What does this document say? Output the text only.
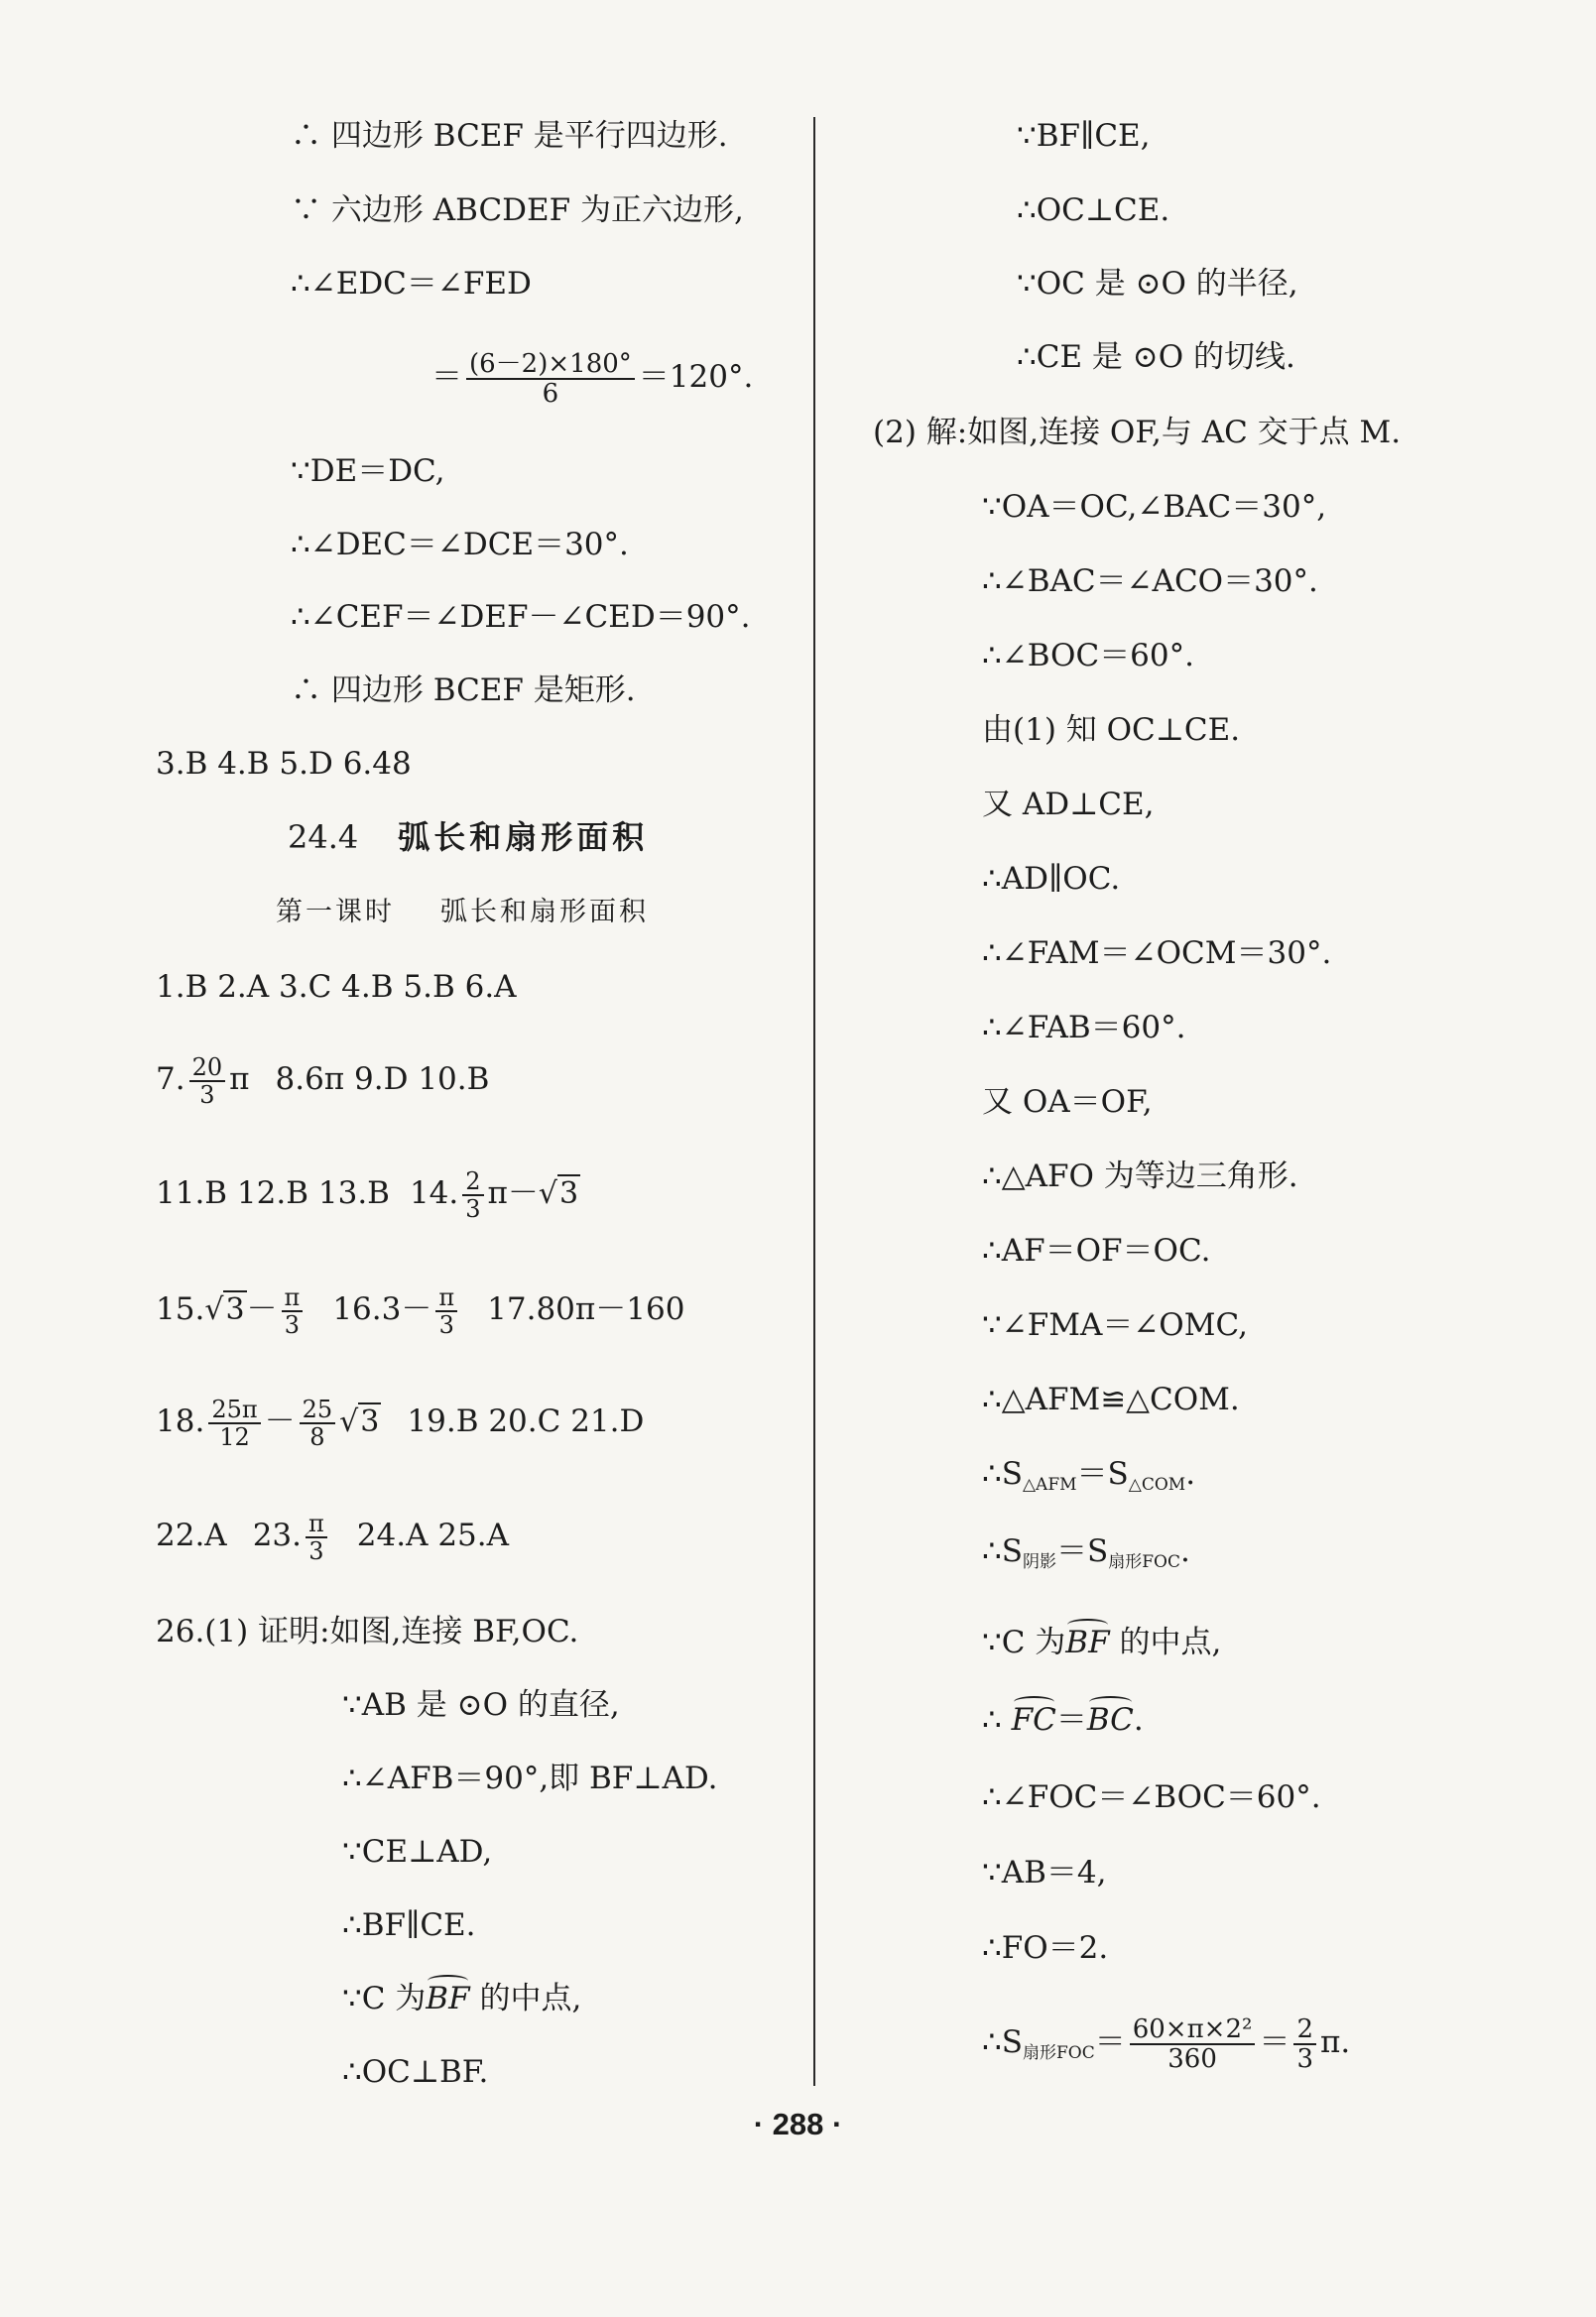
∴ 四边形 BCEF 是平行四边形.
∵ 六边形 ABCDEF 为正六边形,
∴∠EDC＝∠FED
＝ $\frac{(6-2)\times 180^\circ}{6} =120^\circ$.
∵DE＝DC,
∴∠DEC＝∠DCE＝30°.
∴∠CEF＝∠DEF－∠CED＝90°.
∴ 四边形 BCEF 是矩形.
3.B 4.B 5.D 6.48
24.4 弧长和扇形面积
第一课时 弧长和扇形面积
1.B 2.A 3.C 4.B 5.B 6.A
7. $\frac{20}{3}$ π 8.6π 9.D 10.B
11.B 12.B 13.B 14. $\frac{2}{3} \pi-√3$
$15.√3- \frac{\pi}{3} 16.3- \frac{\pi}{3} 17.80\pi-160$
18. $\frac{25\pi}{12} - \frac{25}{8} √3$ 19.B 20.C 21.D
22.A 23. $\frac{\pi}{3} 24.A$ 25.A
26.(1) 证明:如图,连接 BF,OC.
∵AB 是 ⊙O 的直径,
∴∠AFB＝90°,即 BF⊥AD.
∵CE⊥AD,
∴BF∥CE.
∵C 为BF 的中点,
∴OC⊥BF.
∵BF∥CE,
∴OC⊥CE.
∵OC 是 ⊙O 的半径,
∴CE 是 ⊙O 的切线.
(2) 解:如图,连接 OF,与 AC 交于点 M.
∵OA＝OC,∠BAC＝30°,
∴∠BAC＝∠ACO＝30°.
∴∠BOC＝60°.
由(1) 知 OC⊥CE.
又 AD⊥CE,
∴AD∥OC.
∴∠FAM＝∠OCM＝30°.
∴∠FAB＝60°.
又 OA＝OF,
∴△AFO 为等边三角形.
∴AF＝OF＝OC.
∵∠FMA＝∠OMC,
∴△AFM≌△COM.
$\therefore S_{\triangle AFM}=S_{\triangle COM}$.
$\therefore S_{阴影}=S_{扇形FOC}$.
∵C 为BF 的中点,
∴ FC＝BC.
∴∠FOC＝∠BOC＝60°.
∵AB＝4,
∴FO＝2.
$\therefore S_{扇形FOC}= \frac{\text{60×π×2²}}{360} = \frac{2}{3} \pi$.
· 288 ·
